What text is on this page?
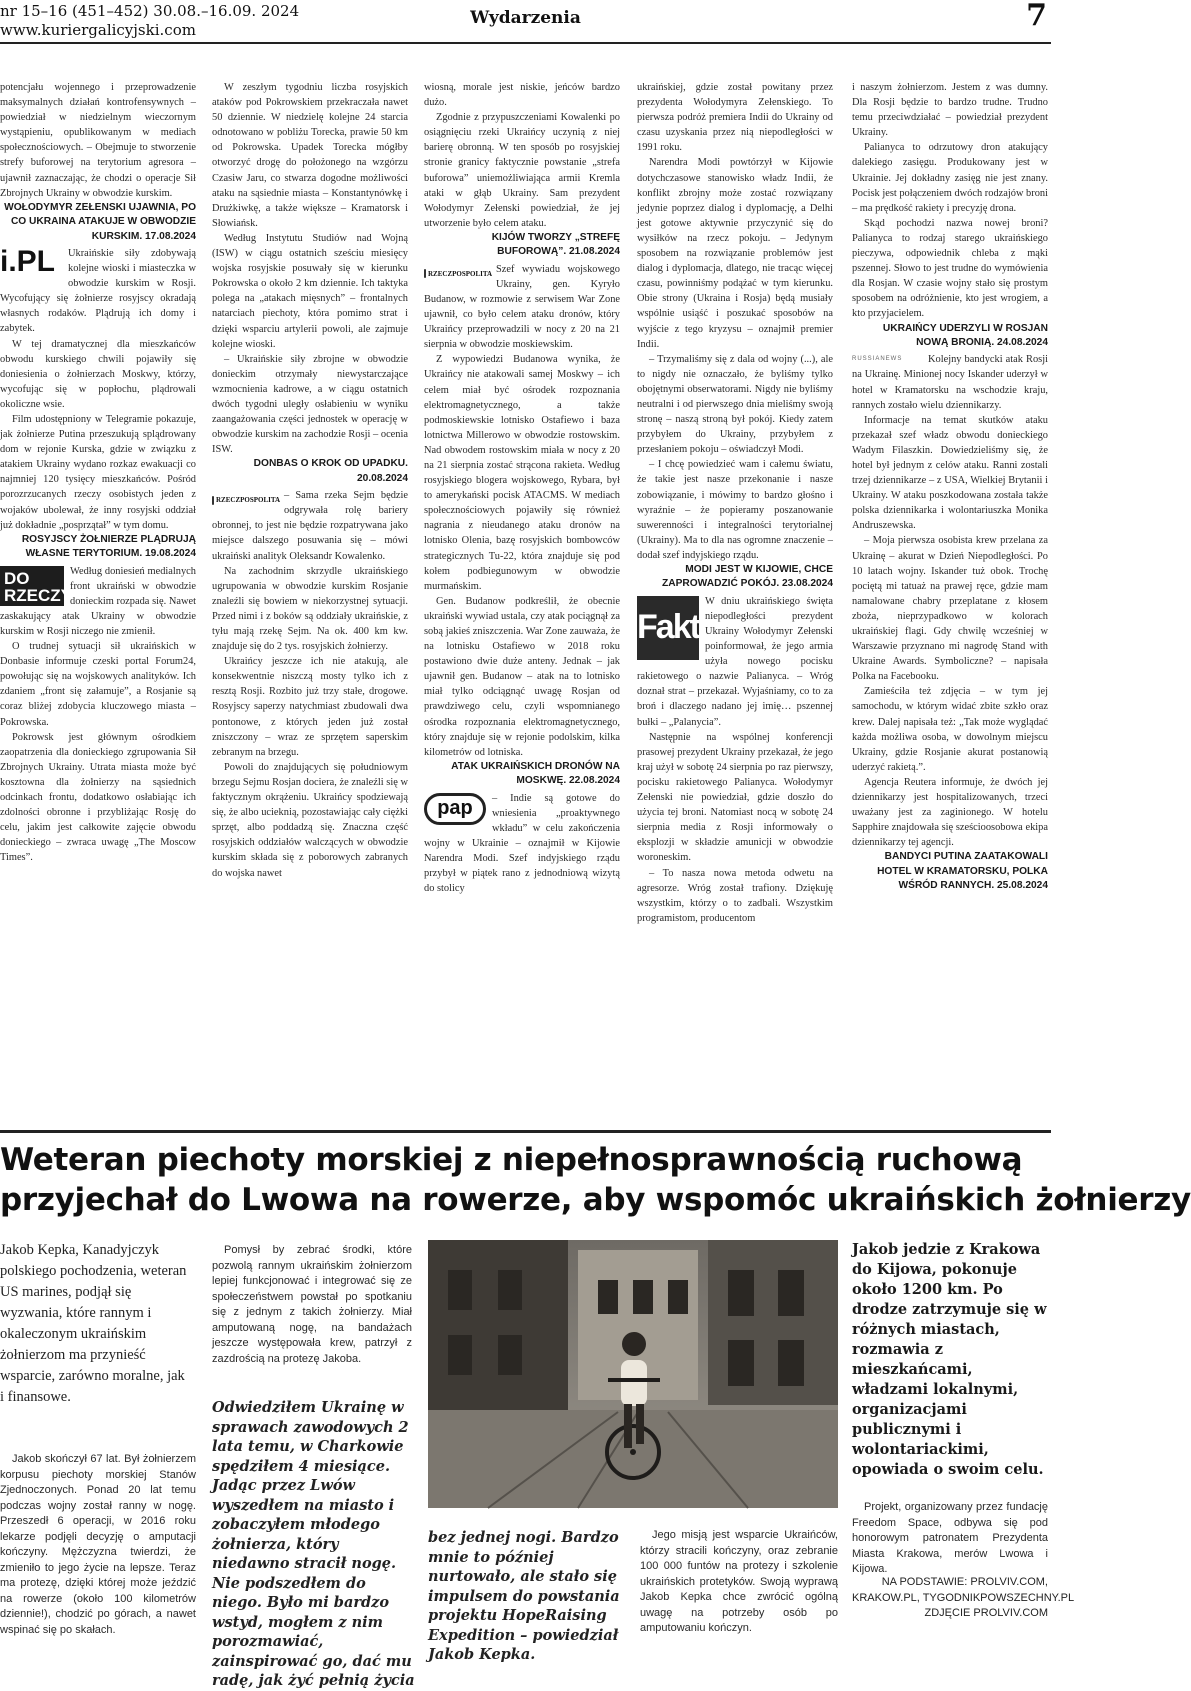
nr 15–16 (451–452) 30.08.–16.09. 2024
www.kuriergalicyjski.com
Wydarzenia	7

potencjału wojennego i przeprowadzenie maksymalnych działań kontrofensywnych – powiedział w niedzielnym wieczornym wystąpieniu, opublikowanym w mediach społecznościowych. – Obejmuje to stworzenie strefy buforowej na terytorium agresora – ujawnił zaznaczając, że chodzi o operacje Sił Zbrojnych Ukrainy w obwodzie kurskim.

WOŁODYMYR ZEŁENSKI UJAWNIA, PO CO UKRAINA ATAKUJE W OBWODZIE KURSKIM. 17.08.2024

i.PL	Ukraińskie siły zdobywają kolejne wioski i miasteczka w obwodzie kurskim w Rosji. Wycofujący się żołnierze rosyjscy okradają własnych rodaków. Plądrują ich domy i zabytek.

W tej dramatycznej dla mieszkańców obwodu kurskiego chwili pojawiły się doniesienia o żołnierzach Moskwy, którzy, wycofując się w popłochu, plądrowali okoliczne wsie.

Film udostępniony w Telegramie pokazuje, jak żołnierze Putina przeszukują splądrowany dom w rejonie Kurska, gdzie w związku z atakiem Ukrainy wydano rozkaz ewakuacji co najmniej 120 tysięcy mieszkańców. Pośród porozrzucanych rzeczy osobistych jeden z wojaków ubolewał, że inny rosyjski oddział już dokładnie „posprzątał” w tym domu.

ROSYJSCY ŻOŁNIERZE PLĄDRUJĄ WŁASNE TERYTORIUM. 19.08.2024

DO RZECZY

Według doniesień medialnych front ukraiński w obwodzie donieckim rozpada się. Nawet zaskakujący atak Ukrainy w obwodzie kurskim w Rosji niczego nie zmienił.

O trudnej sytuacji sił ukraińskich w Donbasie informuje czeski portal Forum24, powołując się na wojskowych analityków. Ich zdaniem „front się załamuje”, a Rosjanie są coraz bliżej zdobycia kluczowego miasta – Pokrowska.

Pokrowsk jest głównym ośrodkiem zaopatrzenia dla donieckiego zgrupowania Sił Zbrojnych Ukrainy. Utrata miasta może być kosztowna dla żołnierzy na sąsiednich odcinkach frontu, dodatkowo osłabiając ich zdolności obronne i przybliżając Rosję do celu, jakim jest całkowite zajęcie obwodu donieckiego – zwraca uwagę „The Moscow Times”.

W zeszłym tygodniu liczba rosyjskich ataków pod Pokrowskiem przekraczała nawet 50 dziennie. W niedzielę kolejne 24 starcia odnotowano w pobliżu Torecka, prawie 50 km od Pokrowska. Upadek Torecka mógłby otworzyć drogę do położonego na wzgórzu Czasiw Jaru, co stwarza dogodne możliwości ataku na sąsiednie miasta – Konstantynówkę i Drużkiwkę, a także większe – Kramatorsk i Słowiańsk.

Według Instytutu Studiów nad Wojną (ISW) w ciągu ostatnich sześciu miesięcy wojska rosyjskie posuwały się w kierunku Pokrowska o około 2 km dziennie. Ich taktyka polega na „atakach mięsnych” – frontalnych natarciach piechoty, która pomimo strat i dzięki wsparciu artylerii powoli, ale zajmuje kolejne wioski.

– Ukraińskie siły zbrojne w obwodzie donieckim otrzymały niewystarczające wzmocnienia kadrowe, a w ciągu ostatnich dwóch tygodni uległy osłabieniu w wyniku zaangażowania części jednostek w operację w obwodzie kurskim na zachodzie Rosji – ocenia ISW.

DONBAS O KROK OD UPADKU. 20.08.2024

RZECZPOSPOLITA – Sama rzeka Sejm będzie odgrywała rolę bariery obronnej, to jest nie będzie rozpatrywana jako miejsce dalszego posuwania się – mówi ukraiński analityk Oleksandr Kowalenko.

Na zachodnim skrzydle ukraińskiego ugrupowania w obwodzie kurskim Rosjanie znaleźli się bowiem w niekorzystnej sytuacji. Przed nimi i z boków są oddziały ukraińskie, z tyłu mają rzekę Sejm. Na ok. 400 km kw. znajduje się do 2 tys. rosyjskich żołnierzy.

Ukraińcy jeszcze ich nie atakują, ale konsekwentnie niszczą mosty tylko ich z resztą Rosji. Rozbito już trzy stałe, drogowe. Rosyjscy saperzy natychmiast zbudowali dwa pontonowe, z których jeden już został zniszczony – wraz ze sprzętem saperskim zebranym na brzegu.

Powoli do znajdujących się południowym brzegu Sejmu Rosjan dociera, że znaleźli się w faktycznym okrążeniu. Ukraińcy spodziewają się, że albo ucieknią, pozostawiając cały ciężki sprzęt, albo poddadzą się. Znaczna część rosyjskich oddziałów walczących w obwodzie kurskim składa się z poborowych zabranych do wojska nawet

wiosną, morale jest niskie, jeńców bardzo dużo.

Zgodnie z przypuszczeniami Kowalenki po osiągnięciu rzeki Ukraińcy uczynią z niej barierę obronną. W ten sposób po rosyjskiej stronie granicy faktycznie powstanie „strefa buforowa” uniemożliwiająca armii Kremla ataki w głąb Ukrainy. Sam prezydent Wołodymyr Zełenski powiedział, że jej utworzenie było celem ataku.

KIJÓW TWORZY „STREFĘ BUFOROWĄ”. 21.08.2024

RZECZPOSPOLITA Szef wywiadu wojskowego Ukrainy, gen. Kyryło Budanow, w rozmowie z serwisem War Zone ujawnił, co było celem ataku dronów, który Ukraińcy przeprowadzili w nocy z 20 na 21 sierpnia w obwodzie moskiewskim.

Z wypowiedzi Budanowa wynika, że Ukraińcy nie atakowali samej Moskwy – ich celem miał być ośrodek rozpoznania elektromagnetycznego, a także podmoskiewskie lotnisko Ostafiewo i baza lotnictwa Millerowo w obwodzie rostowskim. Nad obwodem rostowskim miała w nocy z 20 na 21 sierpnia zostać strącona rakieta. Według rosyjskiego blogera wojskowego, Rybara, był to amerykański pocisk ATACMS. W mediach społecznościowych pojawiły się również nagrania z nieudanego ataku dronów na lotnisko Olenia, bazę rosyjskich bombowców strategicznych Tu-22, która znajduje się pod kołem podbiegunowym w obwodzie murmańskim.

Gen. Budanow podkreślił, że obecnie ukraiński wywiad ustala, czy atak pociągnął za sobą jakieś zniszczenia. War Zone zauważa, że na lotnisku Ostafiewo w 2018 roku postawiono dwie duże anteny. Jednak – jak ujawnił gen. Budanow – atak na to lotnisko miał tylko odciągnąć uwagę Rosjan od prawdziwego celu, czyli wspomnianego ośrodka rozpoznania elektromagnetycznego, który znajduje się w rejonie podolskim, kilka kilometrów od lotniska.

ATAK UKRAIŃSKICH DRONÓW NA MOSKWĘ. 22.08.2024

pap	– Indie są gotowe do wniesienia „proaktywnego wkładu” w celu zakończenia wojny w Ukrainie – oznajmił w Kijowie Narendra Modi. Szef indyjskiego rządu przybył w piątek rano z jednodniową wizytą do stolicy

ukraińskiej, gdzie został powitany przez prezydenta Wołodymyra Zełenskiego. To pierwsza podróż premiera Indii do Ukrainy od czasu uzyskania przez nią niepodległości w 1991 roku.

Narendra Modi powtórzył w Kijowie dotychczasowe stanowisko władz Indii, że konflikt zbrojny może zostać rozwiązany jedynie poprzez dialog i dyplomację, a Delhi jest gotowe aktywnie przyczynić się do wysiłków na rzecz pokoju. – Jedynym sposobem na rozwiązanie problemów jest dialog i dyplomacja, dlatego, nie tracąc więcej czasu, powinniśmy podążać w tym kierunku. Obie strony (Ukraina i Rosja) będą musiały wspólnie usiąść i poszukać sposobów na wyjście z tego kryzysu – oznajmił premier Indii.

– Trzymaliśmy się z dala od wojny (...), ale to nigdy nie oznaczało, że byliśmy tylko obojętnymi obserwatorami. Nigdy nie byliśmy neutralni i od pierwszego dnia mieliśmy swoją stronę – naszą stroną był pokój. Kiedy zatem przybyłem do Ukrainy, przybyłem z przesłaniem pokoju – oświadczył Modi.

– I chcę powiedzieć wam i całemu światu, że takie jest nasze przekonanie i nasze zobowiązanie, i mówimy to bardzo głośno i wyraźnie – że popieramy poszanowanie suwerenności i integralności terytorialnej (Ukrainy). Ma to dla nas ogromne znaczenie – dodał szef indyjskiego rządu.

MODI JEST W KIJOWIE, CHCE ZAPROWADZIĆ POKÓJ. 23.08.2024

Fakt

W dniu ukraińskiego święta niepodległości prezydent Ukrainy Wołodymyr Zełenski poinformował, że jego armia użyła nowego pocisku rakietowego o nazwie Palianyca. – Wróg doznał strat – przekazał. Wyjaśniamy, co to za broń i dlaczego nadano jej imię… pszennej bułki – „Palanycia”.

Następnie na wspólnej konferencji prasowej prezydent Ukrainy przekazał, że jego kraj użył w sobotę 24 sierpnia po raz pierwszy, pocisku rakietowego Palianyca. Wołodymyr Zełenski nie powiedział, gdzie doszło do użycia tej broni. Natomiast nocą w sobotę 24 sierpnia media z Rosji informowały o eksplozji w składzie amunicji w obwodzie woroneskim.

– To nasza nowa metoda odwetu na agresorze. Wróg został trafiony. Dziękuję wszystkim, którzy o to zadbali. Wszystkim programistom, producentom

i naszym żołnierzom. Jestem z was dumny. Dla Rosji będzie to bardzo trudne. Trudno temu przeciwdziałać – powiedział prezydent Ukrainy.

Palianyca to odrzutowy dron atakujący dalekiego zasięgu. Produkowany jest w Ukrainie. Jej dokładny zasięg nie jest znany. Pocisk jest połączeniem dwóch rodzajów broni – ma prędkość rakiety i precyzję drona.

Skąd pochodzi nazwa nowej broni? Palianyca to rodzaj starego ukraińskiego pieczywa, odpowiednik chleba z mąki pszennej. Słowo to jest trudne do wymówienia dla Rosjan. W czasie wojny stało się prostym sposobem na odróżnienie, kto jest wrogiem, a kto przyjacielem.

UKRAIŃCY UDERZYLI W ROSJAN NOWĄ BRONIĄ. 24.08.2024

RUSSIANEWS	Kolejny bandycki atak Rosji na Ukrainę. Minionej nocy Iskander uderzył w hotel w Kramatorsku na wschodzie kraju, rannych zostało wielu dziennikarzy.

Informacje na temat skutków ataku przekazał szef władz obwodu donieckiego Wadym Filaszkin. Dowiedzieliśmy się, że hotel był jednym z celów ataku. Ranni zostali trzej dziennikarze – z USA, Wielkiej Brytanii i Ukrainy. W ataku poszkodowana została także polska dziennikarka i wolontariuszka Monika Andruszewska.

– Moja pierwsza osobista krew przelana za Ukrainę – akurat w Dzień Niepodległości. Po 10 latach wojny. Iskander tuż obok. Trochę pociętą mi tatuaż na prawej ręce, gdzie mam namalowane chabry przeplatane z kłosem zboża, nieprzypadkowo w kolorach ukraińskiej flagi. Gdy chwilę wcześniej w Warszawie przyznano mi nagrodę Stand with Ukraine Awards. Symboliczne? – napisała Polka na Facebooku.

Zamieściła też zdjęcia – w tym jej samochodu, w którym widać zbite szkło oraz krew. Dalej napisała też: „Tak może wyglądać każda możliwa osoba, w dowolnym miejscu Ukrainy, gdzie Rosjanie akurat postanowią uderzyć rakietą.”.

Agencja Reutera informuje, że dwóch jej dziennikarzy jest hospitalizowanych, trzeci uważany jest za zaginionego. W hotelu Sapphire znajdowała się sześcioosobowa ekipa dziennikarzy tej agencji.

BANDYCI PUTINA ZAATAKOWALI HOTEL W KRAMATORSKU, POLKA WŚRÓD RANNYCH. 25.08.2024

Weteran piechoty morskiej z niepełnosprawnością ruchową
przyjechał do Lwowa na rowerze, aby wspomóc ukraińskich żołnierzy
Jakob Kepka, Kanadyjczyk polskiego pochodzenia, weteran US marines, podjął się wyzwania, które rannym i okaleczonym ukraińskim żołnierzom ma przynieść wsparcie, zarówno moralne, jak i finansowe.

Jakob skończył 67 lat. Był żołnierzem korpusu piechoty morskiej Stanów Zjednoczonych. Ponad 20 lat temu podczas wojny został ranny w nogę. Przeszedł 6 operacji, w 2016 roku lekarze podjęli decyzję o amputacji kończyny. Mężczyzna twierdzi, że zmieniło to jego życie na lepsze. Teraz ma protezę, dzięki której może jeździć na rowerze (około 100 kilometrów dziennie!), chodzić po górach, a nawet wspinać się po skałach.

Pomysł by zebrać środki, które pozwolą rannym ukraińskim żołnierzom lepiej funkcjonować i integrować się ze społeczeństwem powstał po spotkaniu się z jednym z takich żołnierzy. Miał amputowaną nogę, na bandażach jeszcze występowała krew, patrzył z zazdrością na protezę Jakoba.

Odwiedziłem Ukrainę w sprawach zawodowych 2 lata temu, w Charkowie spędziłem 4 miesiące. Jadąc przez Lwów wyszedłem na miasto i zobaczyłem młodego żołnierza, który niedawno stracił nogę. Nie podszedłem do niego. Było mi bardzo wstyd, mogłem z nim porozmawiać, zainspirować go, dać mu radę, jak żyć pełnią życia
bez jednej nogi. Bardzo mnie to później nurtowało, ale stało się impulsem do powstania projektu HopeRaising Expedition – powiedział Jakob Kepka.

Jego misją jest wsparcie Ukraińców, którzy stracili kończyny, oraz zebranie 100 000 funtów na protezy i szkolenie ukraińskich protetyków. Swoją wyprawą Jakob Kepka chce zwrócić ogólną uwagę na potrzeby osób po amputowaniu kończyn.

Jakob jedzie z Krakowa do Kijowa, pokonuje około 1200 km. Po drodze zatrzymuje się w różnych miastach, rozmawia z mieszkańcami, władzami lokalnymi, organizacjami publicznymi i wolontariackimi, opowiada o swoim celu.

Projekt, organizowany przez fundację Freedom Space, odbywa się pod honorowym patronatem Prezydenta Miasta Krakowa, merów Lwowa i Kijowa.

NA PODSTAWIE: PROLVIV.COM,
KRAKOW.PL, TYGODNIKPOWSZECHNY.PL
ZDJĘCIE PROLVIV.COM
